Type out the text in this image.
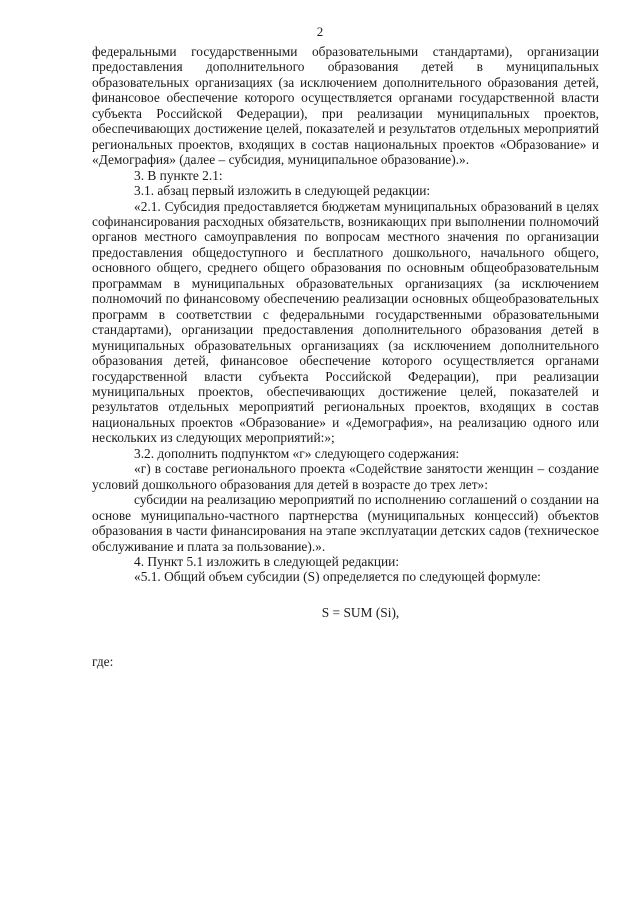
2

федеральными государственными образовательными стандартами), организации предоставления дополнительного образования детей в муниципальных образовательных организациях (за исключением дополнительного образования детей, финансовое обеспечение которого осуществляется органами государственной власти субъекта Российской Федерации), при реализации муниципальных проектов, обеспечивающих достижение целей, показателей и результатов отдельных мероприятий региональных проектов, входящих в состав национальных проектов «Образование» и «Демография» (далее – субсидия, муниципальное образование).».

3. В пункте 2.1:

3.1. абзац первый изложить в следующей редакции:

«2.1. Субсидия предоставляется бюджетам муниципальных образований в целях софинансирования расходных обязательств, возникающих при выполнении полномочий органов местного самоуправления по вопросам местного значения по организации предоставления общедоступного и бесплатного дошкольного, начального общего, основного общего, среднего общего образования по основным общеобразовательным программам в муниципальных образовательных организациях (за исключением полномочий по финансовому обеспечению реализации основных общеобразовательных программ в соответствии с федеральными государственными образовательными стандартами), организации предоставления дополнительного образования детей в муниципальных образовательных организациях (за исключением дополнительного образования детей, финансовое обеспечение которого осуществляется органами государственной власти субъекта Российской Федерации), при реализации муниципальных проектов, обеспечивающих достижение целей, показателей и результатов отдельных мероприятий региональных проектов, входящих в состав национальных проектов «Образование» и «Демография», на реализацию одного или нескольких из следующих мероприятий:»;

3.2. дополнить подпунктом «г» следующего содержания:

«г) в составе регионального проекта «Содействие занятости женщин – создание условий дошкольного образования для детей в возрасте до трех лет»:

субсидии на реализацию мероприятий по исполнению соглашений о создании на основе муниципально-частного партнерства (муниципальных концессий) объектов образования в части финансирования на этапе эксплуатации детских садов (техническое обслуживание и плата за пользование).».

4. Пункт 5.1 изложить в следующей редакции:

«5.1. Общий объем субсидии (S) определяется по следующей формуле:

S = SUM (Si),

где:
